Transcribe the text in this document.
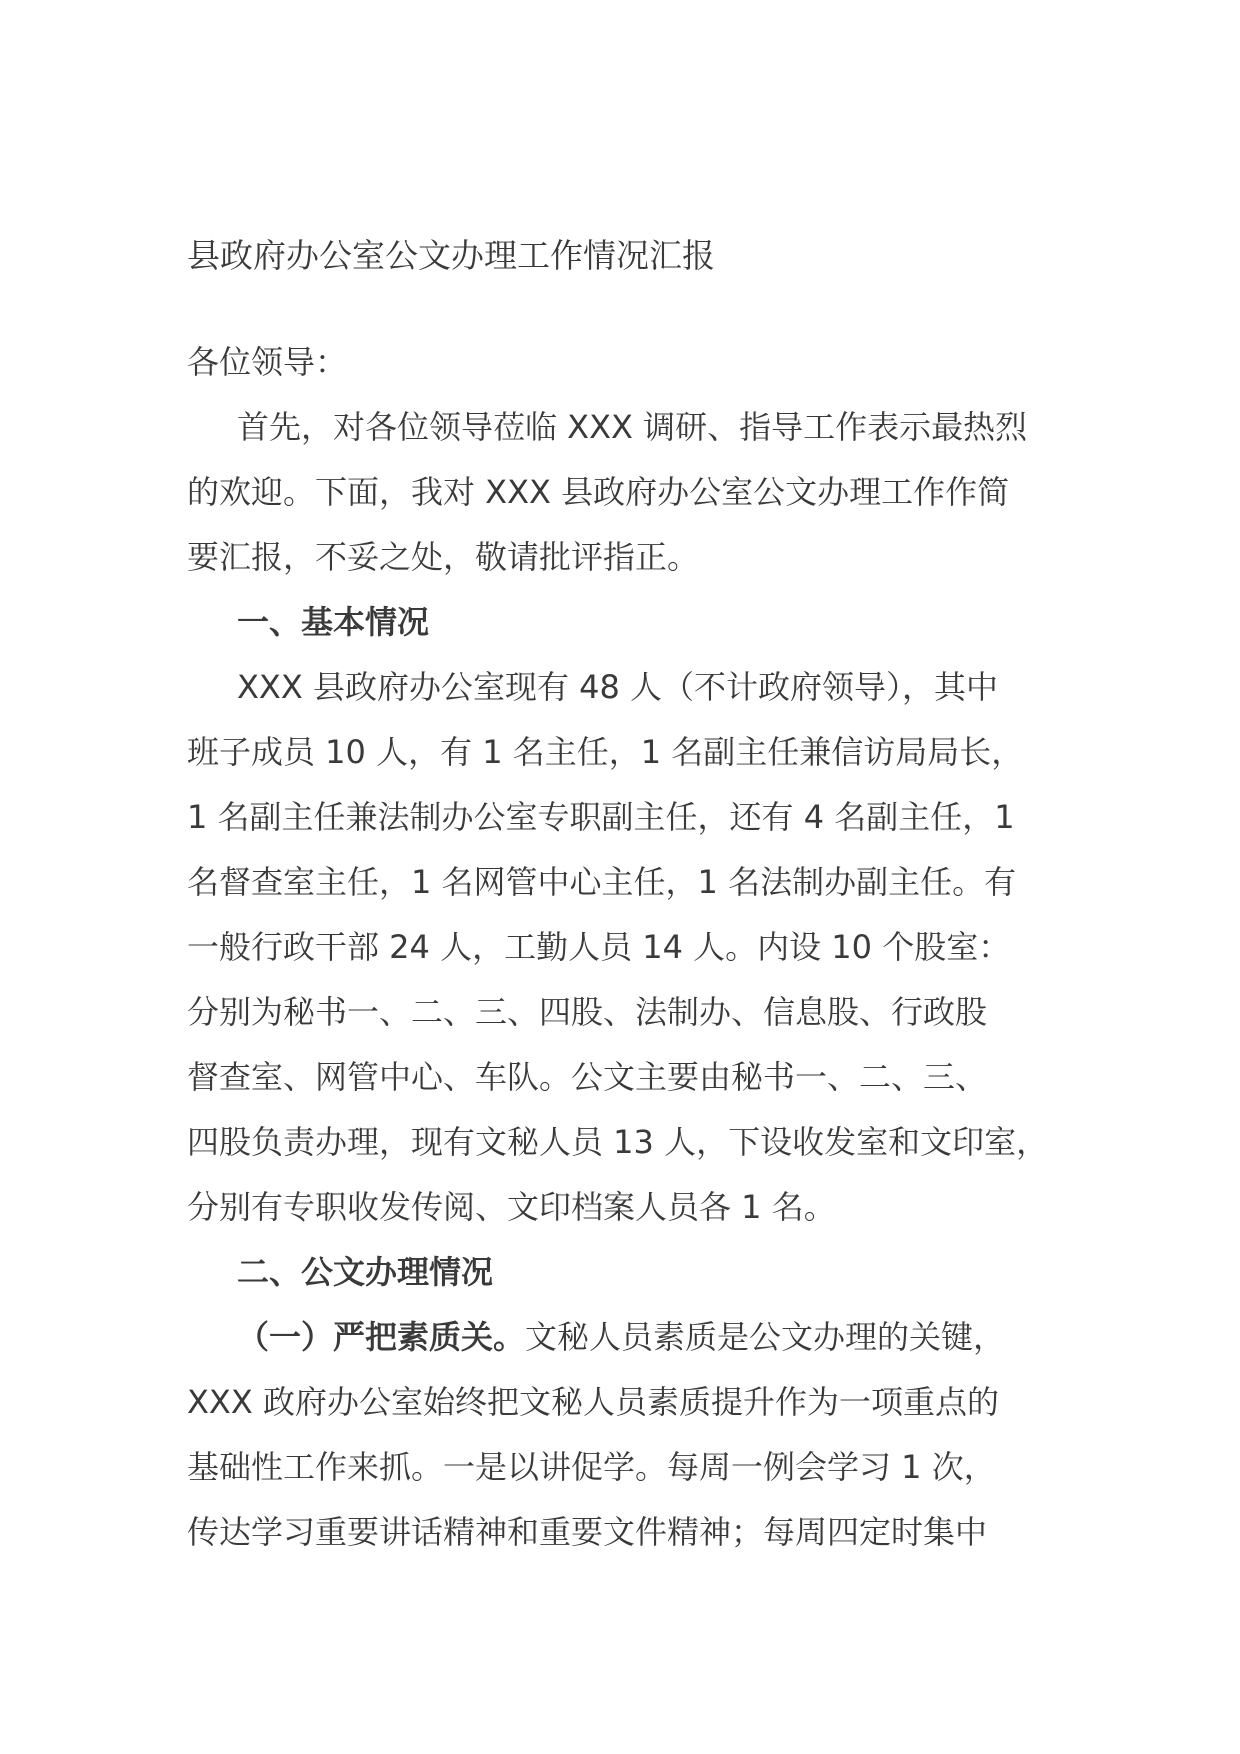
县政府办公室公文办理工作情况汇报
各位领导：
首先，对各位领导莅临 XXX 调研、指导工作表示最热烈
的欢迎。下面，我对 XXX 县政府办公室公文办理工作作简
要汇报，不妥之处，敬请批评指正。
一、基本情况
XXX 县政府办公室现有 48 人（不计政府领导），其中
班子成员 10 人，有 1 名主任，1 名副主任兼信访局局长，
1 名副主任兼法制办公室专职副主任，还有 4 名副主任，1
名督查室主任，1 名网管中心主任，1 名法制办副主任。有
一般行政干部 24 人，工勤人员 14 人。内设 10 个股室：
分别为秘书一、二、三、四股、法制办、信息股、行政股
督查室、网管中心、车队。公文主要由秘书一、二、三、
四股负责办理，现有文秘人员 13 人，下设收发室和文印室，
分别有专职收发传阅、文印档案人员各 1 名。
二、公文办理情况
（一）严把素质关。文秘人员素质是公文办理的关键，
XXX 政府办公室始终把文秘人员素质提升作为一项重点的
基础性工作来抓。一是以讲促学。每周一例会学习 1 次，
传达学习重要讲话精神和重要文件精神；每周四定时集中
